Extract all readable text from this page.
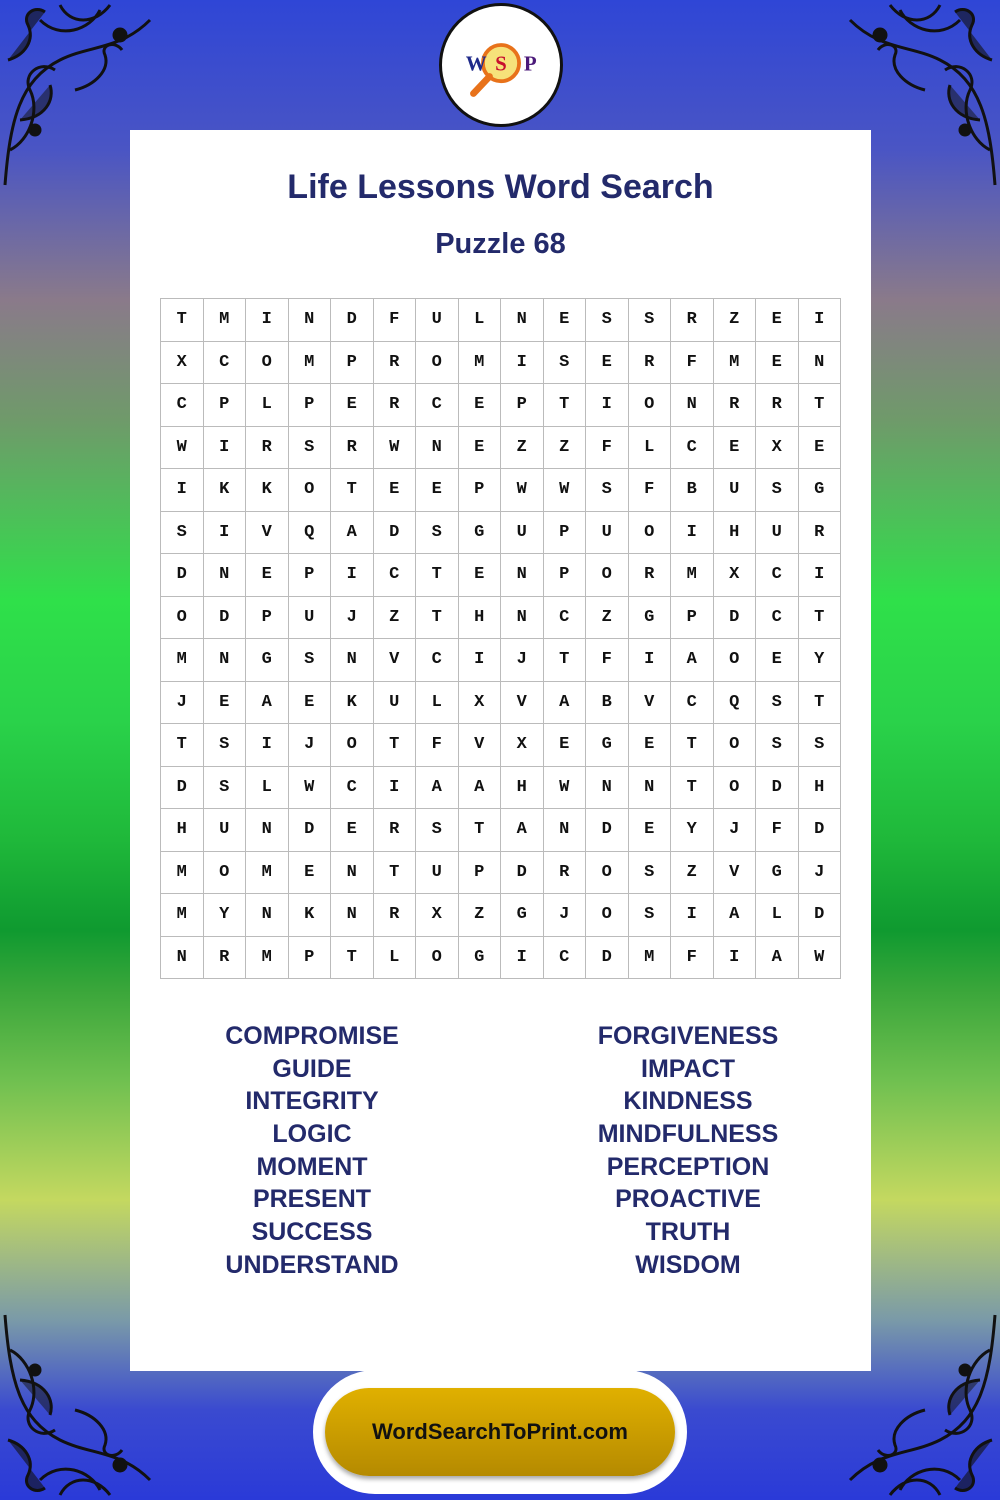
W S P
Life Lessons Word Search
Puzzle 68
T	M	I	N	D	F	U	L	N	E	S	S	R	Z	E	I
X	C	O	M	P	R	O	M	I	S	E	R	F	M	E	N
C	P	L	P	E	R	C	E	P	T	I	O	N	R	R	T
W	I	R	S	R	W	N	E	Z	Z	F	L	C	E	X	E
I	K	K	O	T	E	E	P	W	W	S	F	B	U	S	G
S	I	V	Q	A	D	S	G	U	P	U	O	I	H	U	R
D	N	E	P	I	C	T	E	N	P	O	R	M	X	C	I
O	D	P	U	J	Z	T	H	N	C	Z	G	P	D	C	T
M	N	G	S	N	V	C	I	J	T	F	I	A	O	E	Y
J	E	A	E	K	U	L	X	V	A	B	V	C	Q	S	T
T	S	I	J	O	T	F	V	X	E	G	E	T	O	S	S
D	S	L	W	C	I	A	A	H	W	N	N	T	O	D	H
H	U	N	D	E	R	S	T	A	N	D	E	Y	J	F	D
M	O	M	E	N	T	U	P	D	R	O	S	Z	V	G	J
M	Y	N	K	N	R	X	Z	G	J	O	S	I	A	L	D
N	R	M	P	T	L	O	G	I	C	D	M	F	I	A	W
COMPROMISE
GUIDE
INTEGRITY
LOGIC
MOMENT
PRESENT
SUCCESS
UNDERSTAND
FORGIVENESS
IMPACT
KINDNESS
MINDFULNESS
PERCEPTION
PROACTIVE
TRUTH
WISDOM
WordSearchToPrint.com
